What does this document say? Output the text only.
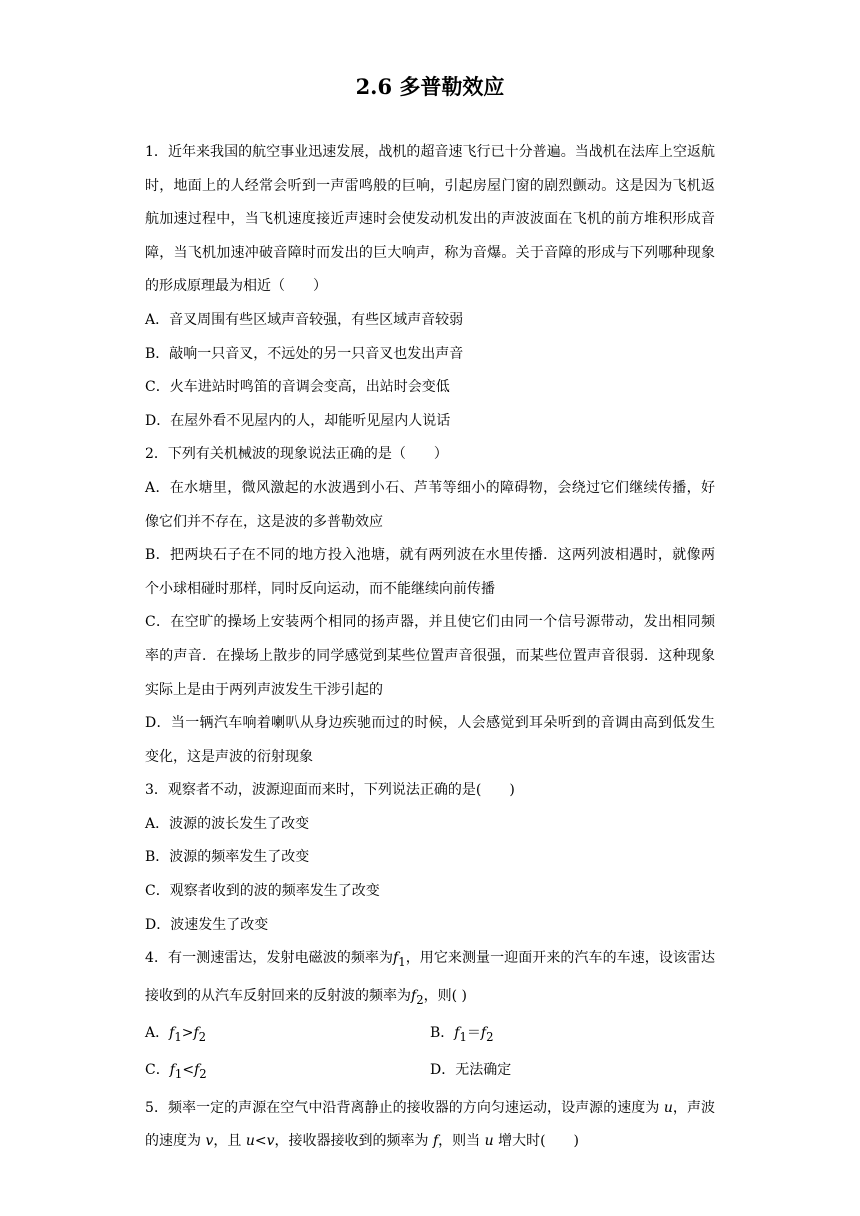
2.6 多普勒效应

1．近年来我国的航空事业迅速发展，战机的超音速飞行已十分普遍。当战机在法库上空返航时，地面上的人经常会听到一声雷鸣般的巨响，引起房屋门窗的剧烈颤动。这是因为飞机返航加速过程中，当飞机速度接近声速时会使发动机发出的声波波面在飞机的前方堆积形成音障，当飞机加速冲破音障时而发出的巨大响声，称为音爆。关于音障的形成与下列哪种现象的形成原理最为相近（　　）

A．音叉周围有些区域声音较强，有些区域声音较弱

B．敲响一只音叉，不远处的另一只音叉也发出声音

C．火车进站时鸣笛的音调会变高，出站时会变低

D．在屋外看不见屋内的人，却能听见屋内人说话

2．下列有关机械波的现象说法正确的是（　　）

A．在水塘里，微风激起的水波遇到小石、芦苇等细小的障碍物，会绕过它们继续传播，好像它们并不存在，这是波的多普勒效应

B．把两块石子在不同的地方投入池塘，就有两列波在水里传播．这两列波相遇时，就像两个小球相碰时那样，同时反向运动，而不能继续向前传播

C．在空旷的操场上安装两个相同的扬声器，并且使它们由同一个信号源带动，发出相同频率的声音．在操场上散步的同学感觉到某些位置声音很强，而某些位置声音很弱．这种现象实际上是由于两列声波发生干涉引起的

D．当一辆汽车响着喇叭从身边疾驰而过的时候，人会感觉到耳朵听到的音调由高到低发生变化，这是声波的衍射现象

3．观察者不动，波源迎面而来时，下列说法正确的是(　　)

A．波源的波长发生了改变

B．波源的频率发生了改变

C．观察者收到的波的频率发生了改变

D．波速发生了改变

4．有一测速雷达，发射电磁波的频率为$f_1$，用它来测量一迎面开来的汽车的车速，设该雷达接收到的从汽车反射回来的反射波的频率为$f_2$，则( )

A．$f_1>f_2$	B．$f_1=f_2$

C．$f_1<f_2$	D．无法确定

5．频率一定的声源在空气中沿背离静止的接收器的方向匀速运动，设声源的速度为 u，声波的速度为 v，且 u<v，接收器接收到的频率为 f，则当 u 增大时(　　)
